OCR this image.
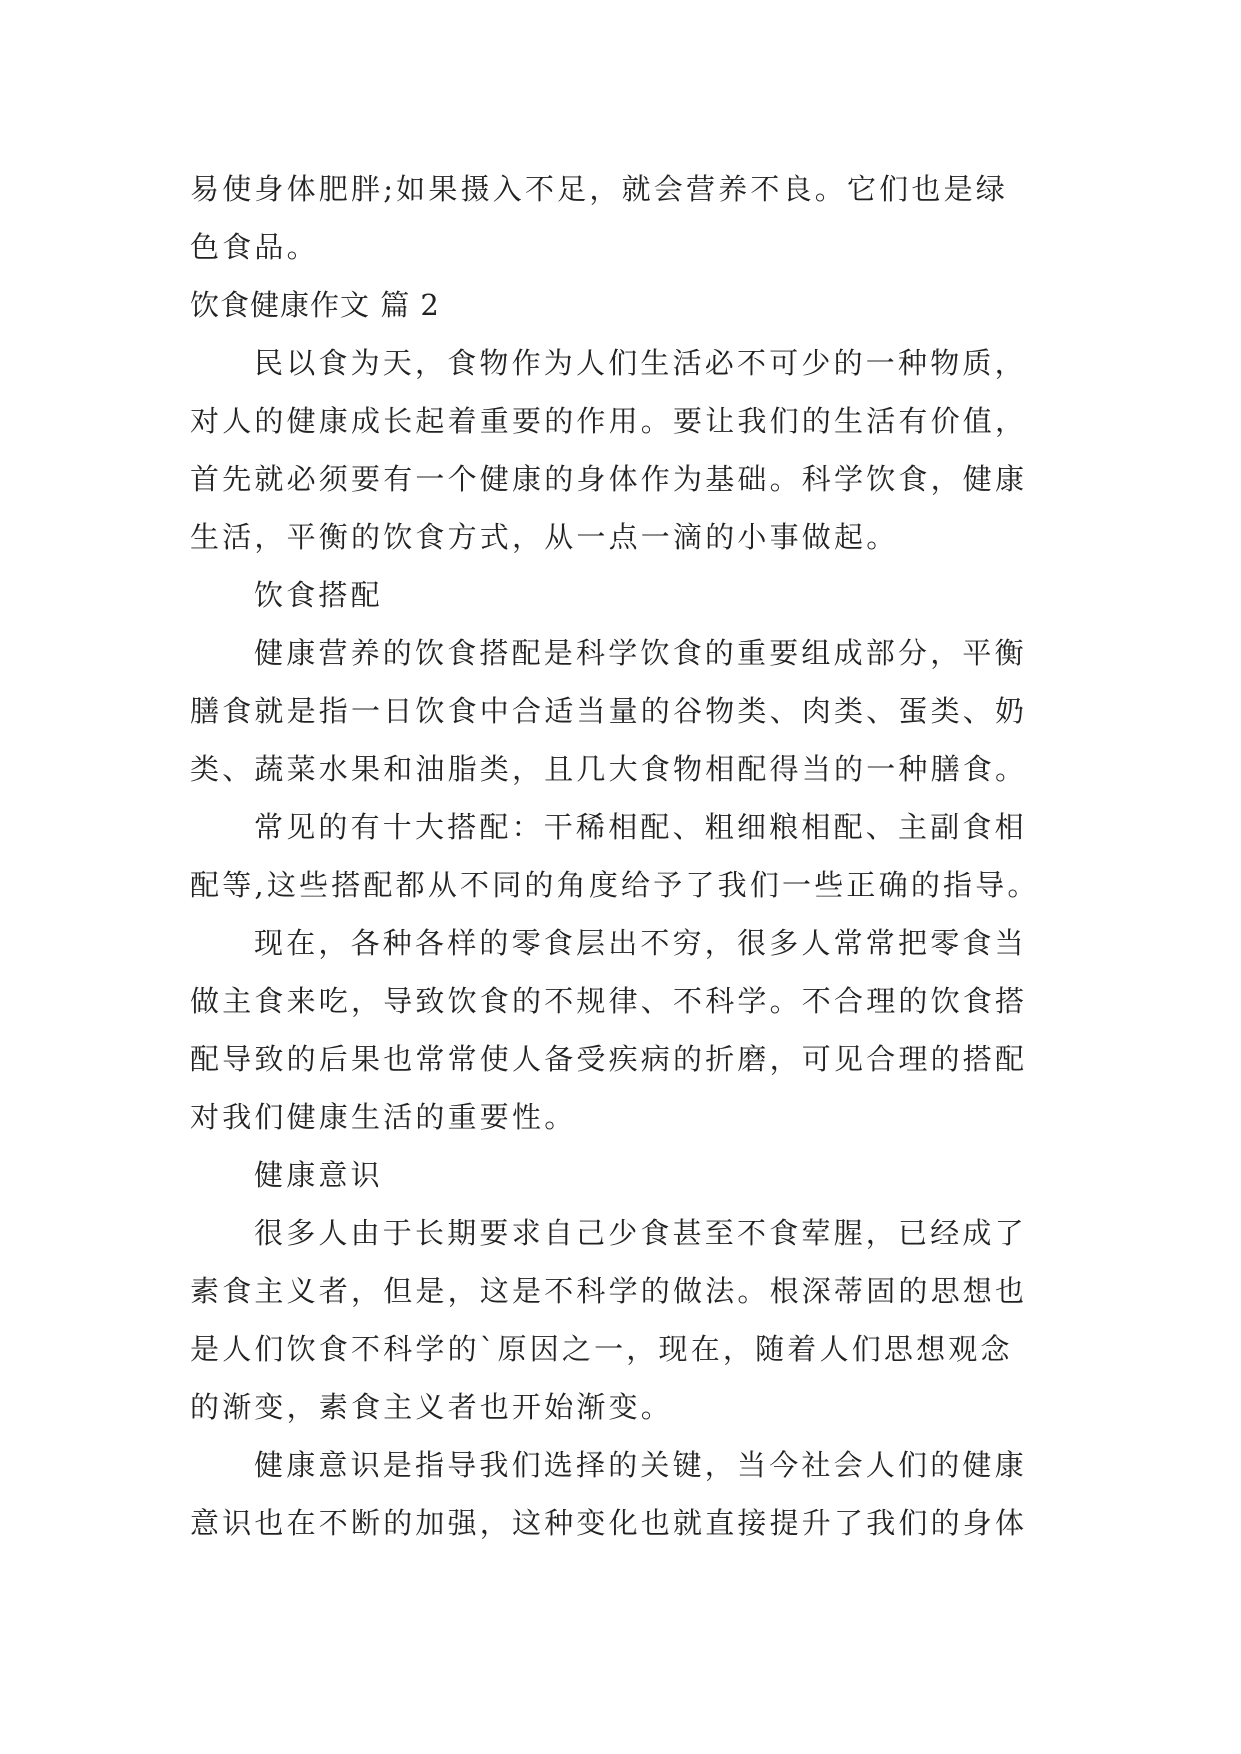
易使身体肥胖;如果摄入不足，就会营养不良。它们也是绿
色食品。
饮食健康作文 篇 2
民以食为天，食物作为人们生活必不可少的一种物质，
对人的健康成长起着重要的作用。要让我们的生活有价值，
首先就必须要有一个健康的身体作为基础。科学饮食，健康
生活，平衡的饮食方式，从一点一滴的小事做起。
饮食搭配
健康营养的饮食搭配是科学饮食的重要组成部分，平衡
膳食就是指一日饮食中合适当量的谷物类、肉类、蛋类、奶
类、蔬菜水果和油脂类，且几大食物相配得当的一种膳食。
常见的有十大搭配：干稀相配、粗细粮相配、主副食相
配等,这些搭配都从不同的角度给予了我们一些正确的指导。
现在，各种各样的零食层出不穷，很多人常常把零食当
做主食来吃，导致饮食的不规律、不科学。不合理的饮食搭
配导致的后果也常常使人备受疾病的折磨，可见合理的搭配
对我们健康生活的重要性。
健康意识
很多人由于长期要求自己少食甚至不食荤腥，已经成了
素食主义者，但是，这是不科学的做法。根深蒂固的思想也
是人们饮食不科学的`原因之一，现在，随着人们思想观念
的渐变，素食主义者也开始渐变。
健康意识是指导我们选择的关键，当今社会人们的健康
意识也在不断的加强，这种变化也就直接提升了我们的身体
